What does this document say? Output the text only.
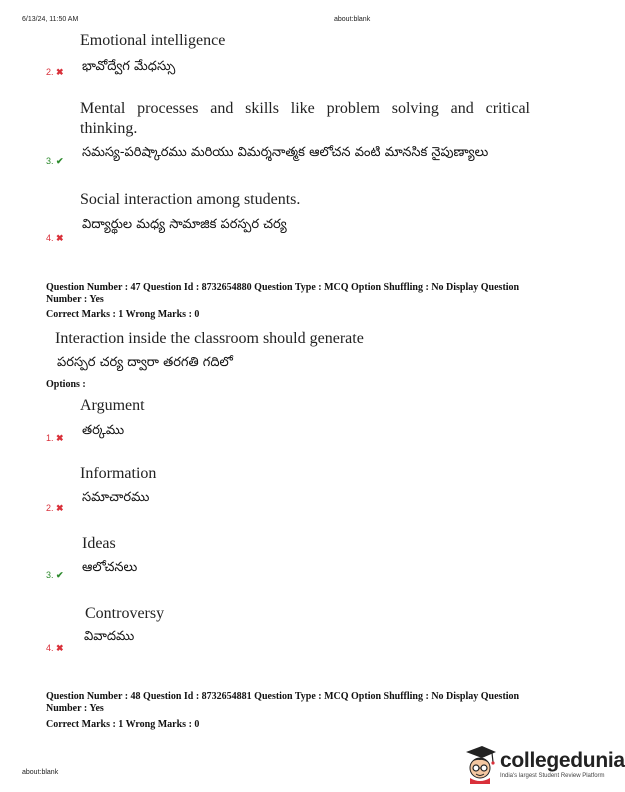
6/13/24, 11:50 AM	about:blank
Emotional intelligence
భావోద్వేగ మేధస్సు
2. ✖
Mental processes and skills like problem solving and critical
thinking.
సమస్య-పరిష్కారము మరియు విమర్శనాత్మక ఆలోచన వంటి మానసిక నైపుణ్యాలు
3. ✔
Social interaction among students.
విద్యార్థుల మధ్య సామాజిక పరస్పర చర్య
4. ✖
Question Number : 47 Question Id : 8732654880 Question Type : MCQ Option Shuffling : No Display Question
Number : Yes
Correct Marks : 1 Wrong Marks : 0
Interaction inside the classroom should generate
పరస్పర చర్య ద్వారా తరగతి గదిలో
Options :
Argument
తర్కము
1. ✖
Information
సమాచారము
2. ✖
Ideas
ఆలోచనలు
3. ✔
Controversy
వివాదము
4. ✖
Question Number : 48 Question Id : 8732654881 Question Type : MCQ Option Shuffling : No Display Question
Number : Yes
Correct Marks : 1 Wrong Marks : 0
about:blank
collegedunia
India's largest Student Review Platform
